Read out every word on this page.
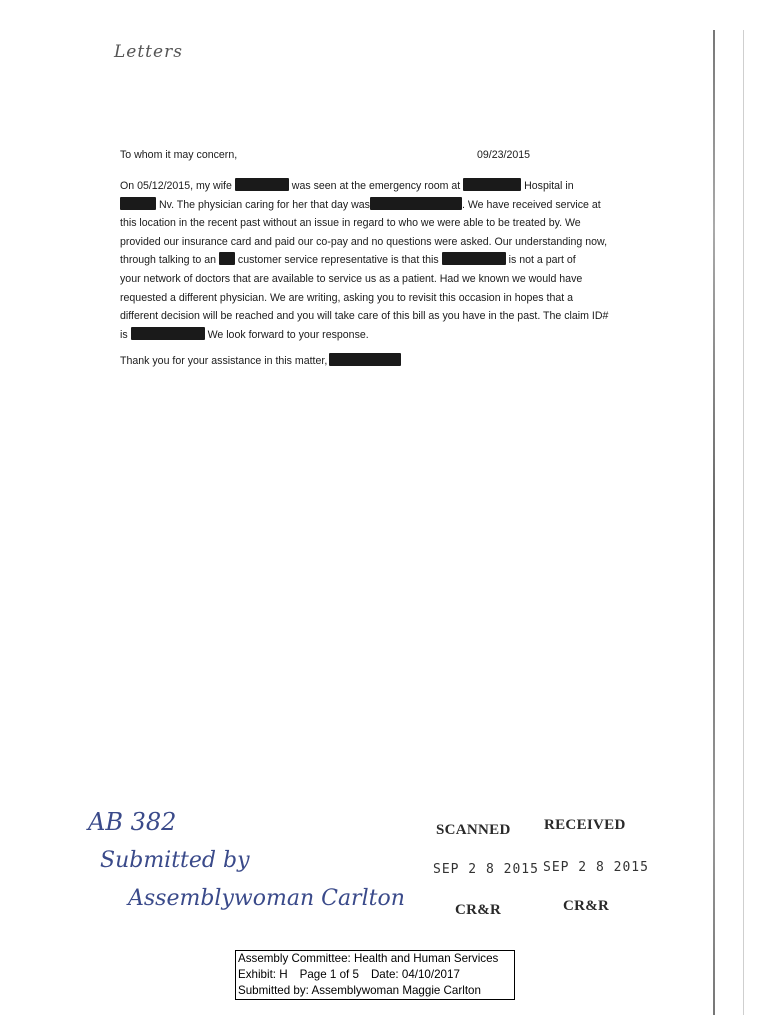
Letters
To whom it may concern,	09/23/2015
On 05/12/2015, my wife	was seen at the emergency room at	Hospital in
Nv. The physician caring for her that day was	. We have received service at
this location in the recent past without an issue in regard to who we were able to be treated by. We
provided our insurance card and paid our co-pay and no questions were asked. Our understanding now,
through talking to an customer service representative is that this	is not a part of
your network of doctors that are available to service us as a patient. Had we known we would have
requested a different physician. We are writing, asking you to revisit this occasion in hopes that a
different decision will be reached and you will take care of this bill as you have in the past. The claim ID#
is	We look forward to your response.
Thank you for your assistance in this matter,
AB 382
Submitted by
Assemblywoman Carlton
SCANNED RECEIVED
SEP 2 8 2015 SEP 2 8 2015
CR&R	CR&R
Assembly Committee: Health and Human Services
Exhibit: H Page 1 of 5 Date: 04/10/2017
Submitted by: Assemblywoman Maggie Carlton
